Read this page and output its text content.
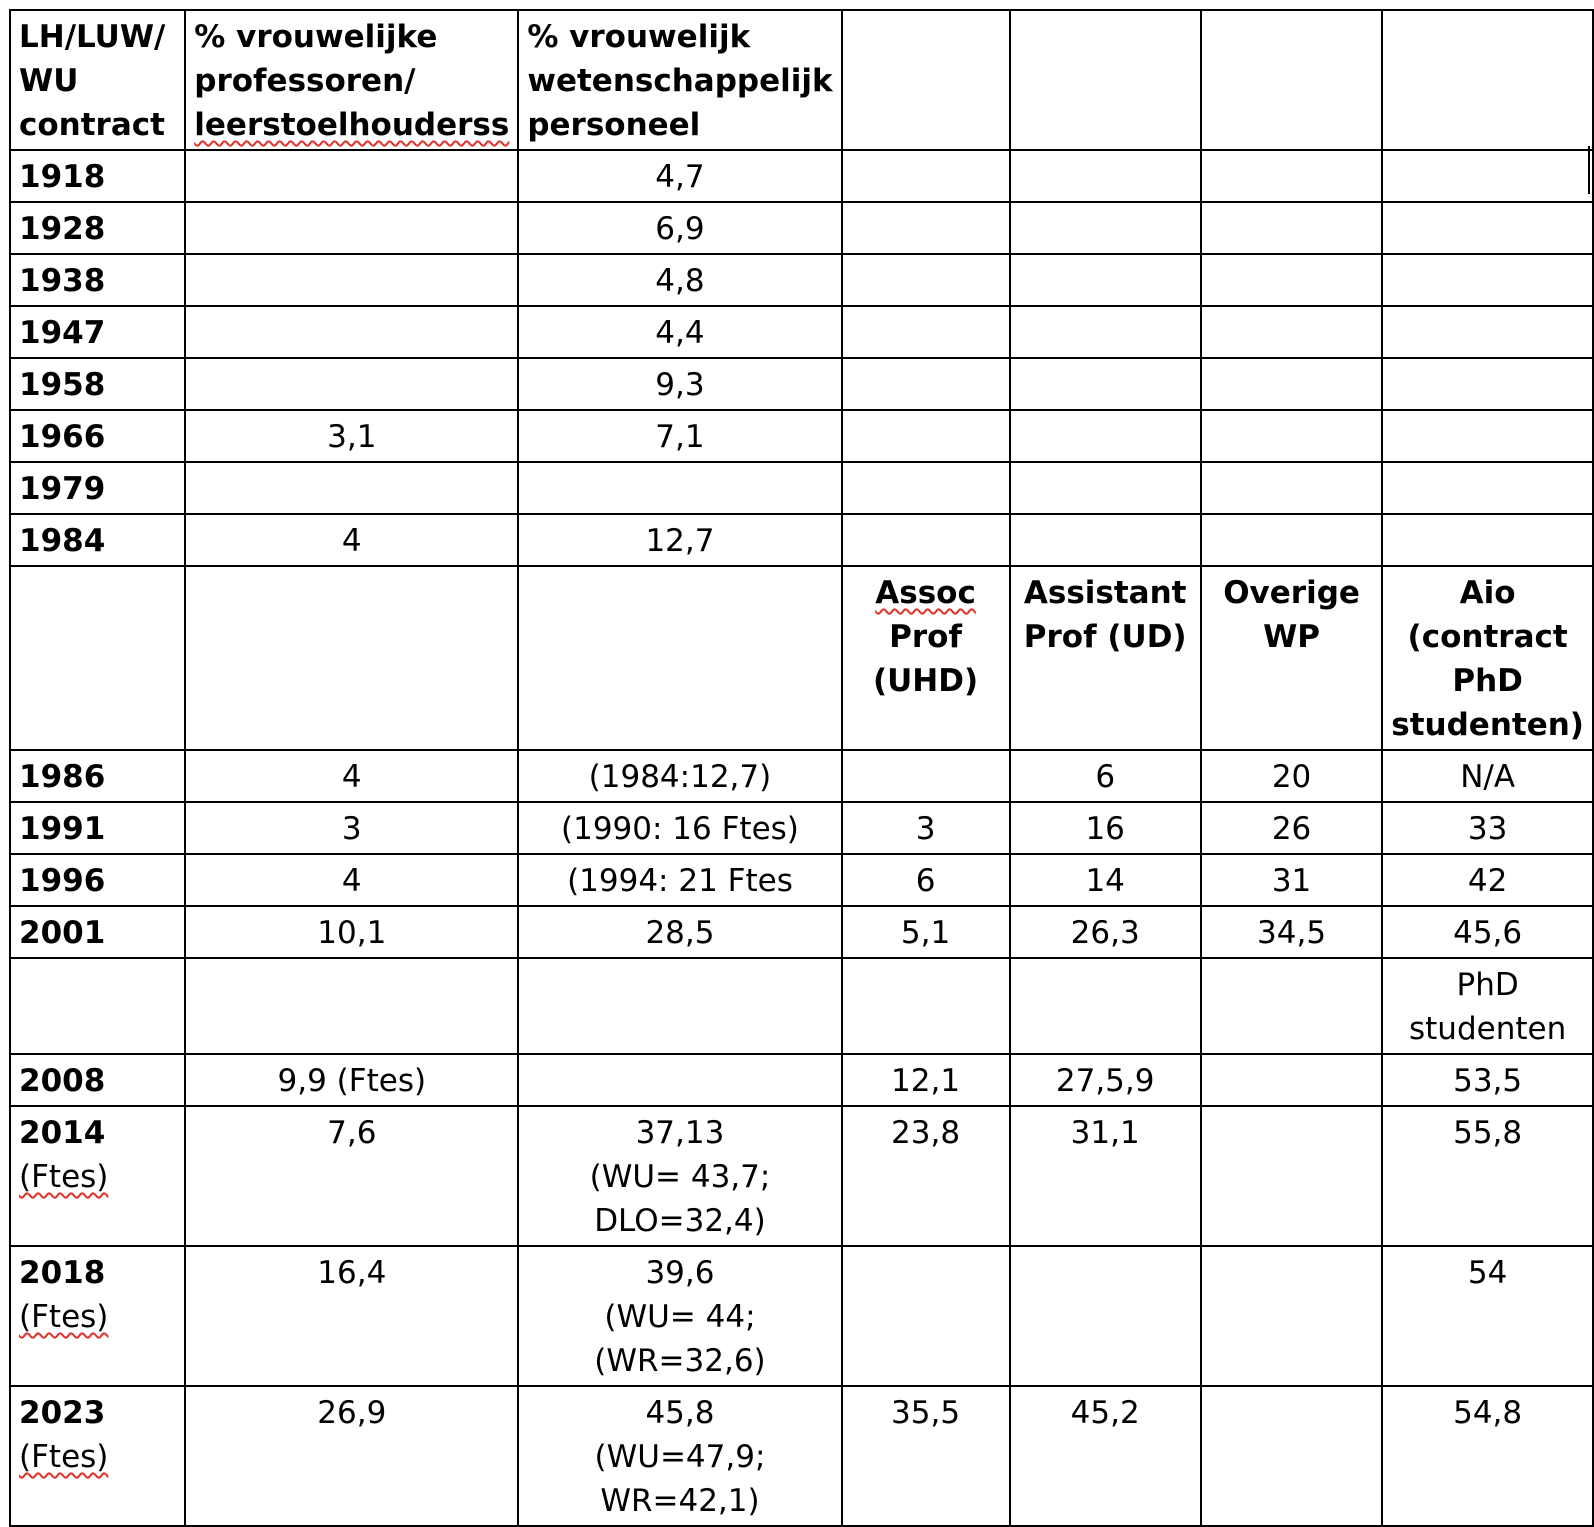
LH/LUW/
WU
contract	% vrouwelijke
professoren/
leerstoelhouderss	% vrouwelijk
wetenschappelijk
personeel				

1918		4,7				
1928		6,9				
1938		4,8				
1947		4,4				
1958		9,3				
1966	3,1	7,1				
1979						
1984	4	12,7				

			Assoc
Prof
(UHD)	Assistant
Prof (UD)	Overige
WP	Aio
(contract
PhD
studenten)

1986	4	(1984:12,7)		6	20	N/A
1991	3	(1990: 16 Ftes)	3	16	26	33
1996	4	(1994: 21 Ftes	6	14	31	42
2001	10,1	28,5	5,1	26,3	34,5	45,6

						PhD
studenten

2008	9,9 (Ftes)		12,1	27,5,9		53,5

2014
(Ftes)	7,6	37,13
(WU= 43,7;
DLO=32,4)	23,8	31,1		55,8

2018
(Ftes)	16,4	39,6
(WU= 44;
(WR=32,6)				54

2023
(Ftes)	26,9	45,8
(WU=47,9;
WR=42,1)	35,5	45,2		54,8
